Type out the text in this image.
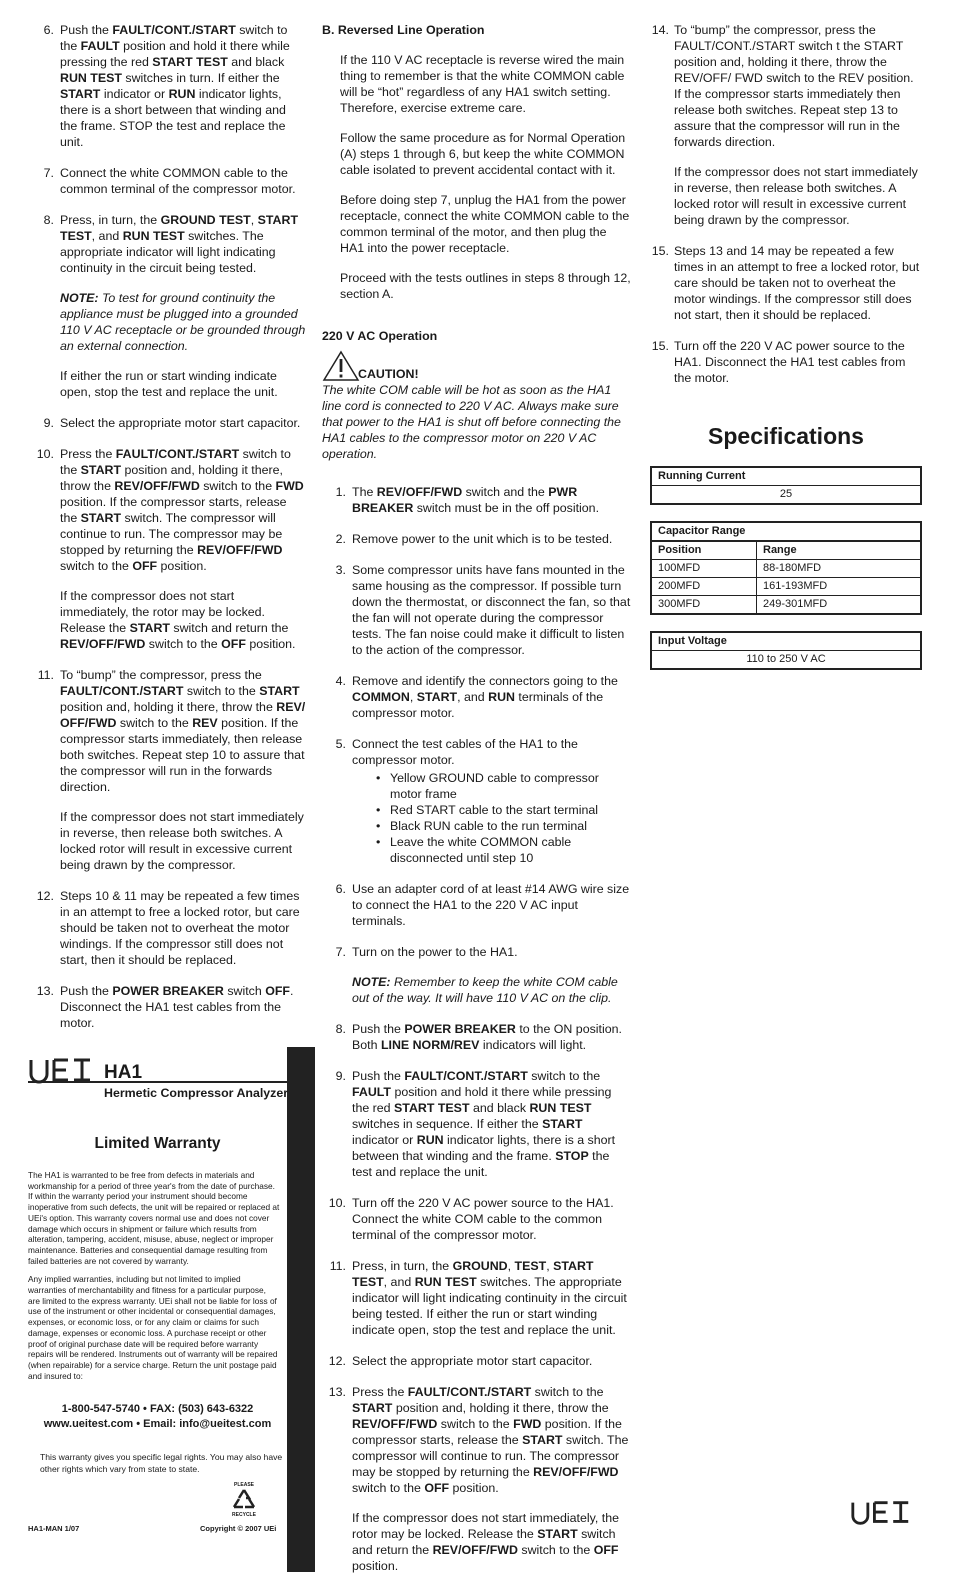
6. Push the FAULT/CONT./START switch to the FAULT position and hold it there while pressing the red START TEST and black RUN TEST switches in turn. If either the START indicator or RUN indicator lights, there is a short between that winding and the frame. STOP the test and replace the unit.

7. Connect the white COMMON cable to the common terminal of the compressor motor.

8. Press, in turn, the GROUND TEST, START TEST, and RUN TEST switches. The appropriate indicator will light indicating continuity in the circuit being tested.

NOTE: To test for ground continuity the appliance must be plugged into a grounded 110 V AC receptacle or be grounded through an external connection.

If either the run or start winding indicate open, stop the test and replace the unit.

9. Select the appropriate motor start capacitor.

10. Press the FAULT/CONT./START switch to the START position and, holding it there, throw the REV/OFF/FWD switch to the FWD position. If the compressor starts, release the START switch. The compressor will continue to run. The compressor may be stopped by returning the REV/OFF/FWD switch to the OFF position.

If the compressor does not start immediately, the rotor may be locked. Release the START switch and return the REV/OFF/FWD switch to the OFF position.

11. To “bump” the compressor, press the FAULT/CONT./START switch to the START position and, holding it there, throw the REV/ OFF/FWD switch to the REV position. If the compressor starts immediately, then release both switches. Repeat step 10 to assure that the compressor will run in the forwards direction.

If the compressor does not start immediately in reverse, then release both switches. A locked rotor will result in excessive current being drawn by the compressor.

12. Steps 10 & 11 may be repeated a few times in an attempt to free a locked rotor, but care should be taken not to overheat the motor windings. If the compressor still does not start, then it should be replaced.

13. Push the POWER BREAKER switch OFF. Disconnect the HA1 test cables from the motor.

B. Reversed Line Operation

If the 110 V AC receptacle is reverse wired the main thing to remember is that the white COMMON cable will be “hot” regardless of any HA1 switch setting. Therefore, exercise extreme care.

Follow the same procedure as for Normal Operation (A) steps 1 through 6, but keep the white COMMON cable isolated to prevent accidental contact with it.

Before doing step 7, unplug the HA1 from the power receptacle, connect the white COMMON cable to the common terminal of the motor, and then plug the HA1 into the power receptacle.

Proceed with the tests outlines in steps 8 through 12, section A.

220 V AC Operation
CAUTION!
The white COM cable will be hot as soon as the HA1 line cord is connected to 220 V AC. Always make sure that power to the HA1 is shut off before connecting the HA1 cables to the compressor motor on 220 V AC operation.
1. The REV/OFF/FWD switch and the PWR BREAKER switch must be in the off position.

2. Remove power to the unit which is to be tested.

3. Some compressor units have fans mounted in the same housing as the compressor. If possible turn down the thermostat, or disconnect the fan, so that the fan will not operate during the compressor tests. The fan noise could make it difficult to listen to the action of the compressor.

4. Remove and identify the connectors going to the COMMON, START, and RUN terminals of the compressor motor.

5. Connect the test cables of the HA1 to the compressor motor.

• Yellow GROUND cable to compressor motor frame
• Red START cable to the start terminal
• Black RUN cable to the run terminal
• Leave the white COMMON cable disconnected until step 10
6. Use an adapter cord of at least #14 AWG wire size to connect the HA1 to the 220 V AC input terminals.

7. Turn on the power to the HA1.

NOTE: Remember to keep the white COM cable out of the way. It will have 110 V AC on the clip.

8. Push the POWER BREAKER to the ON position. Both LINE NORM/REV indicators will light.

9. Push the FAULT/CONT./START switch to the FAULT position and hold it there while pressing the red START TEST and black RUN TEST switches in sequence. If either the START indicator or RUN indicator lights, there is a short between that winding and the frame. STOP the test and replace the unit.

10. Turn off the 220 V AC power source to the HA1. Connect the white COM cable to the common terminal of the compressor motor.

11. Press, in turn, the GROUND, TEST, START TEST, and RUN TEST switches. The appropriate indicator will light indicating continuity in the circuit being tested. If either the run or start winding indicate open, stop the test and replace the unit.

12. Select the appropriate motor start capacitor.

13. Press the FAULT/CONT./START switch to the START position and, holding it there, throw the REV/OFF/FWD switch to the FWD position. If the compressor starts, release the START switch. The compressor will continue to run. The compressor may be stopped by returning the REV/OFF/FWD switch to the OFF position.

If the compressor does not start immediately, the rotor may be locked. Release the START switch and return the REV/OFF/FWD switch to the OFF position.

14. To “bump” the compressor, press the FAULT/CONT./START switch t the START position and, holding it there, throw the REV/OFF/ FWD switch to the REV position. If the compressor starts immediately then release both switches. Repeat step 13 to assure that the compressor will run in the forwards direction.

If the compressor does not start immediately in reverse, then release both switches. A locked rotor will result in excessive current being drawn by the compressor.

15. Steps 13 and 14 may be repeated a few times in an attempt to free a locked rotor, but care should be taken not to overheat the motor windings. If the compressor still does not start, then it should be replaced.

15. Turn off the 220 V AC power source to the HA1. Disconnect the HA1 test cables from the motor.

Specifications
Running Current
25
Capacitor Range
Position	Range
100MFD	88-180MFD
200MFD	161-193MFD
300MFD	249-301MFD
Input Voltage
110 to 250 V AC
HA1
Hermetic Compressor Analyzer
Limited Warranty

The HA1 is warranted to be free from defects in materials and workmanship for a period of three year's from the date of purchase. If within the warranty period your instrument should become inoperative from such defects, the unit will be repaired or replaced at UEi's option. This warranty covers normal use and does not cover damage which occurs in shipment or failure which results from alteration, tampering, accident, misuse, abuse, neglect or improper maintenance. Batteries and consequential damage resulting from failed batteries are not covered by warranty.

Any implied warranties, including but not limited to implied warranties of merchantability and fitness for a particular purpose, are limited to the express warranty. UEi shall not be liable for loss of use of the instrument or other incidental or consequential damages, expenses, or economic loss, or for any claim or claims for such damage, expenses or economic loss. A purchase receipt or other proof of original purchase date will be required before warranty repairs will be rendered. Instruments out of warranty will be repaired (when repairable) for a service charge. Return the unit postage paid and insured to:

1-800-547-5740 • FAX: (503) 643-6322
www.ueitest.com • Email: info@ueitest.com
This warranty gives you specific legal rights. You may also have other rights which vary from state to state.
PLEASE
RECYCLE
HA1-MAN 1/07	Copyright © 2007 UEi
